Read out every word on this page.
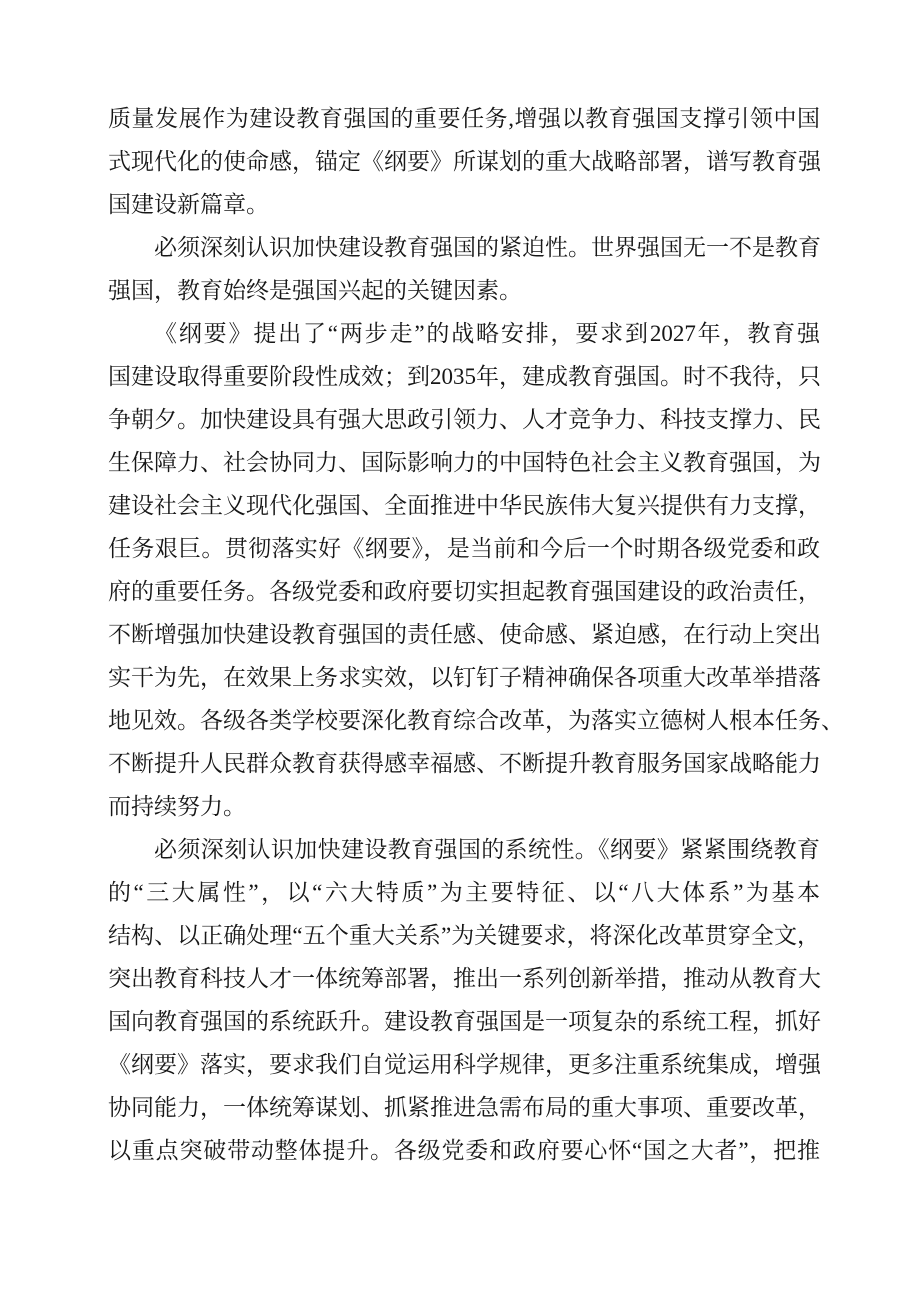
质量发展作为建设教育强国的重要任务,增强以教育强国支撑引领中国
式现代化的使命感，锚定《纲要》所谋划的重大战略部署，谱写教育强
国建设新篇章。
必须深刻认识加快建设教育强国的紧迫性。世界强国无一不是教育
强国，教育始终是强国兴起的关键因素。
《纲要》提出了“两步走”的战略安排，要求到2027年，教育强
国建设取得重要阶段性成效；到2035年，建成教育强国。时不我待，只
争朝夕。加快建设具有强大思政引领力、人才竞争力、科技支撑力、民
生保障力、社会协同力、国际影响力的中国特色社会主义教育强国，为
建设社会主义现代化强国、全面推进中华民族伟大复兴提供有力支撑，
任务艰巨。贯彻落实好《纲要》，是当前和今后一个时期各级党委和政
府的重要任务。各级党委和政府要切实担起教育强国建设的政治责任，
不断增强加快建设教育强国的责任感、使命感、紧迫感，在行动上突出
实干为先，在效果上务求实效，以钉钉子精神确保各项重大改革举措落
地见效。各级各类学校要深化教育综合改革，为落实立德树人根本任务、
不断提升人民群众教育获得感幸福感、不断提升教育服务国家战略能力
而持续努力。
必须深刻认识加快建设教育强国的系统性。《纲要》紧紧围绕教育
的“三大属性”，以“六大特质”为主要特征、以“八大体系”为基本
结构、以正确处理“五个重大关系”为关键要求，将深化改革贯穿全文，
突出教育科技人才一体统筹部署，推出一系列创新举措，推动从教育大
国向教育强国的系统跃升。建设教育强国是一项复杂的系统工程，抓好
《纲要》落实，要求我们自觉运用科学规律，更多注重系统集成，增强
协同能力，一体统筹谋划、抓紧推进急需布局的重大事项、重要改革，
以重点突破带动整体提升。各级党委和政府要心怀“国之大者”，把推
